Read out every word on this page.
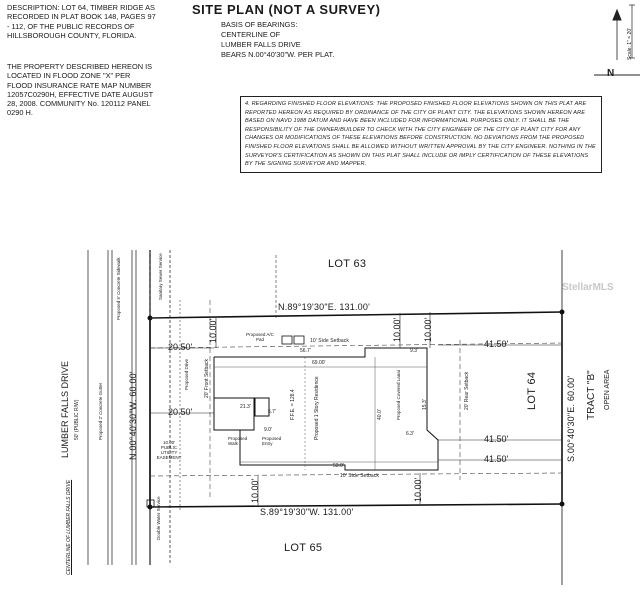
DESCRIPTION: LOT 64, TIMBER RIDGE AS RECORDED IN PLAT BOOK 148, PAGES 97 - 112, OF THE PUBLIC RECORDS OF HILLSBOROUGH COUNTY, FLORIDA.
THE PROPERTY DESCRIBED HEREON IS LOCATED IN FLOOD ZONE "X" PER FLOOD INSURANCE RATE MAP NUMBER 12057C0290H, EFFECTIVE DATE AUGUST 28, 2008. COMMUNITY No. 120112 PANEL 0290 H.
SITE PLAN (NOT A SURVEY)
BASIS OF BEARINGS:
CENTERLINE OF
LUMBER FALLS DRIVE
BEARS N.00°40'30"W. PER PLAT.
4. REGARDING FINISHED FLOOR ELEVATIONS: THE PROPOSED FINISHED FLOOR ELEVATIONS SHOWN ON THIS PLAT ARE REPORTED HEREON AS REQUIRED BY ORDINANCE OF THE CITY OF PLANT CITY. THE ELEVATIONS SHOWN HEREON ARE BASED ON NAVD 1988 DATUM AND HAVE BEEN INCLUDED FOR INFORMATIONAL PURPOSES ONLY. IT SHALL BE THE RESPONSIBILITY OF THE OWNER/BUILDER TO CHECK WITH THE CITY ENGINEER OF THE CITY OF PLANT CITY FOR ANY CHANGES OR MODIFICATIONS OF THESE ELEVATIONS BEFORE CONSTRUCTION. NO DEVIATIONS FROM THE PROPOSED FINISHED FLOOR ELEVATIONS SHALL BE ALLOWED WITHOUT WRITTEN APPROVAL BY THE CITY ENGINEER. NOTHING IN THE SURVEYOR'S CERTIFICATION AS SHOWN ON THIS PLAT SHALL INCLUDE OR IMPLY CERTIFICATION OF THESE ELEVATIONS BY THE SIGNING SURVEYOR AND MAPPER.
Scale: 1" = 20'
N
StellarMLS
LOT 63
LOT 65
LOT 64
N.89°19'30"E. 131.00'
S.89°19'30"W. 131.00'
N.00°40'30"W. 60.00'	S.00°40'30"E. 60.00' TRACT "B" OPEN AREA
LUMBER FALLS DRIVE 50' (PUBLIC R/W)
CENTERLINE OF LUMBER FALLS DRIVE
Proposed 5' Concrete Sidewalk
Proposed 2' Concrete Gutter
10.00' PUBLIC UTILITY EASEMENT
Sanitary Sewer Service
Double Water Service
20.50'
20.50'
41.50'
41.50'
41.50'
10.00'	10.00' 10.00'
10.00'	10.00'
10' Side Setback
10' Side Setback
20' Front Setback	20' Rear Setback
Proposed A/C Pad
Proposed Drive
Proposed Walk
Proposed Entry
Proposed Covered Lanai
Proposed 1 Story Residence
F.F.E. = 128.4
69.00'
53.0'
56.7'
21.3'
40.0'
9.3'
6.3'
15.3'
5.7'
9.0'
